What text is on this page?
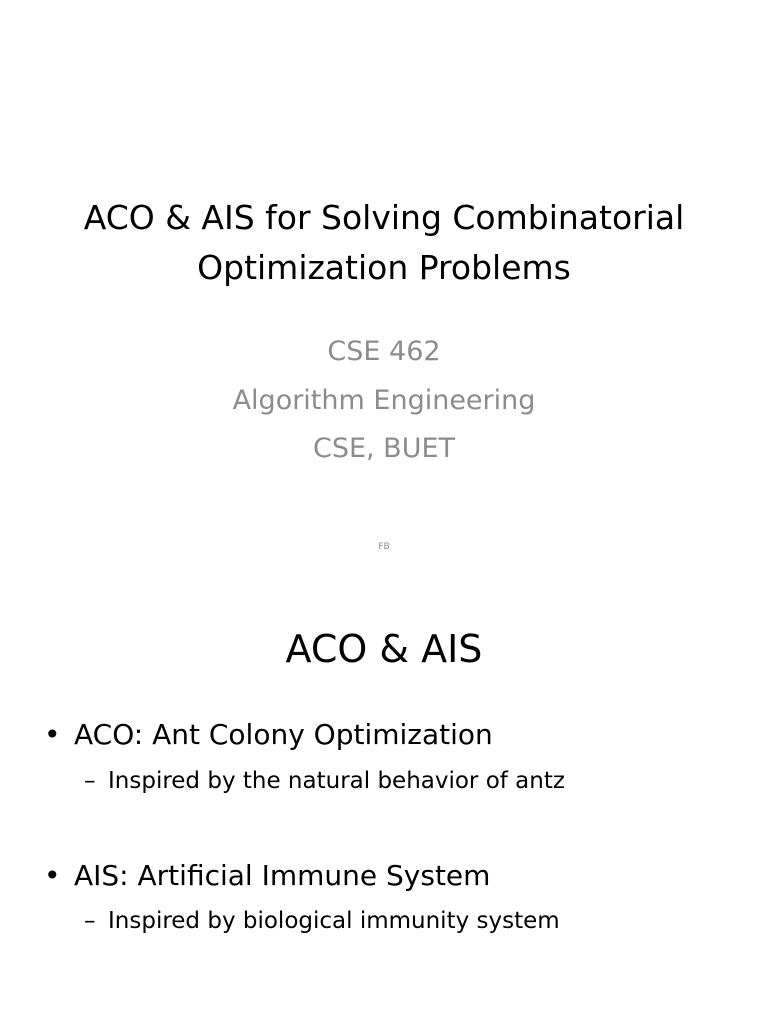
ACO & AIS for Solving Combinatorial Optimization Problems

CSE 462

Algorithm Engineering

CSE, BUET

FB
ACO & AIS
• ACO: Ant Colony Optimization
– Inspired by the natural behavior of antz
• AIS: Artificial Immune System
– Inspired by biological immunity system
